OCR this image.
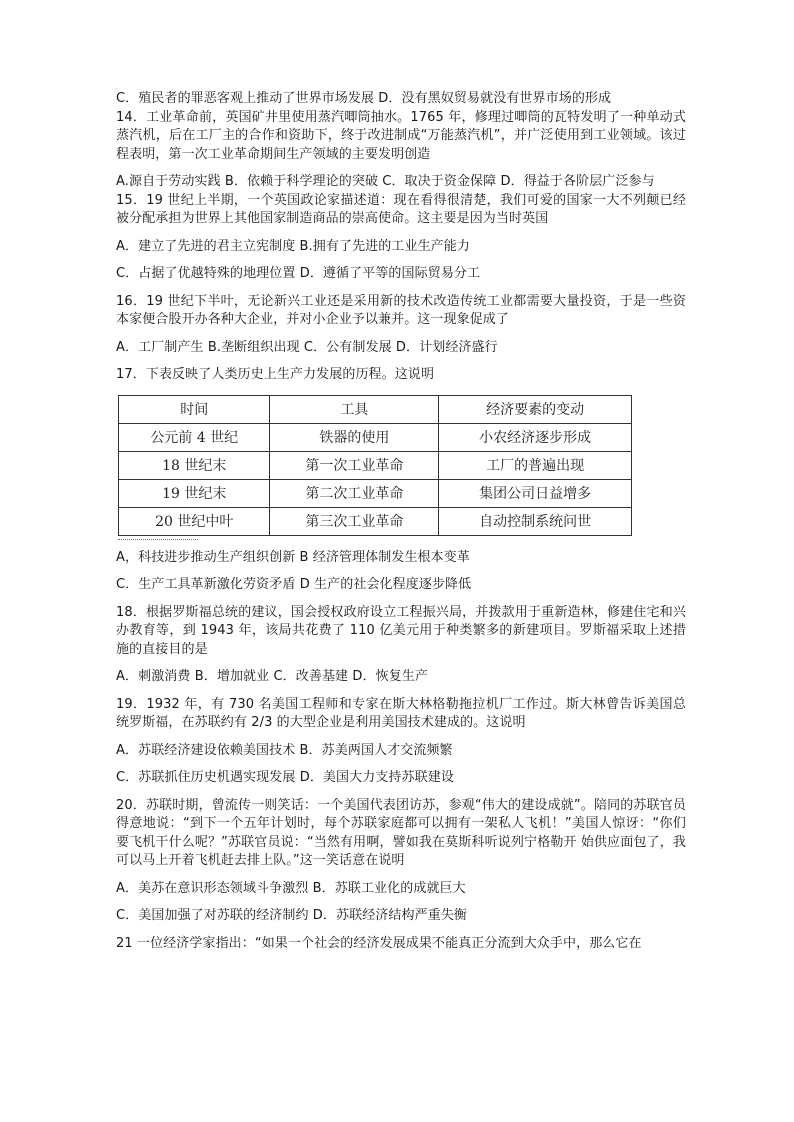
C．殖民者的罪恶客观上推动了世界市场发展 D．没有黑奴贸易就没有世界市场的形成

14．工业革命前，英国矿井里使用蒸汽唧筒抽水。1765 年，修理过唧筒的瓦特发明了一种单动式蒸汽机，后在工厂主的合作和资助下，终于改进制成“万能蒸汽机”，并广泛使用到工业领域。该过程表明，第一次工业革命期间生产领域的主要发明创造

A.源自于劳动实践 B．依赖于科学理论的突破 C．取决于资金保障 D．得益于各阶层广泛参与

15．19 世纪上半期，一个英国政论家描述道：现在看得很清楚，我们可爱的国家一大不列颠已经被分配承担为世界上其他国家制造商品的崇高使命。这主要是因为当时英国

A．建立了先进的君主立宪制度 B.拥有了先进的工业生产能力

C．占据了优越特殊的地理位置 D．遵循了平等的国际贸易分工

16．19 世纪下半叶，无论新兴工业还是采用新的技术改造传统工业都需要大量投资，于是一些资本家便合股开办各种大企业，并对小企业予以兼并。这一现象促成了

A．工厂制产生 B.垄断组织出现 C．公有制发展 D．计划经济盛行

17．下表反映了人类历史上生产力发展的历程。这说明

时间	工具	经济要素的变动
公元前 4 世纪	铁器的使用	小农经济逐步形成
18 世纪末	第一次工业革命	工厂的普遍出现
19 世纪末	第二次工业革命	集团公司日益增多
20 世纪中叶	第三次工业革命	自动控制系统问世

A，科技进步推动生产组织创新 B 经济管理体制发生根本变革

C．生产工具革新激化劳资矛盾 D 生产的社会化程度逐步降低

18．根据罗斯福总统的建议，国会授权政府设立工程振兴局，并拨款用于重新造林，修建住宅和兴办教育等，到 1943 年，该局共花费了 110 亿美元用于种类繁多的新建项目。罗斯福采取上述措施的直接目的是

A．刺激消费 B．增加就业 C．改善基建 D．恢复生产

19．1932 年，有 730 名美国工程师和专家在斯大林格勒拖拉机厂工作过。斯大林曾告诉美国总统罗斯福，在苏联约有 2/3 的大型企业是利用美国技术建成的。这说明

A．苏联经济建设依赖美国技术 B．苏美两国人才交流频繁

C．苏联抓住历史机遇实现发展 D．美国大力支持苏联建设

20．苏联时期，曾流传一则笑话：一个美国代表团访苏，参观“伟大的建设成就”。陪同的苏联官员得意地说：“到下一个五年计划时，每个苏联家庭都可以拥有一架私人飞机！”美国人惊讶：“你们要飞机干什么呢？”苏联官员说：“当然有用啊，譬如我在莫斯科听说列宁格勒开 始供应面包了，我可以马上开着飞机赶去排上队。”这一笑话意在说明

A．美苏在意识形态领域斗争激烈 B．苏联工业化的成就巨大

C．美国加强了对苏联的经济制约 D．苏联经济结构严重失衡

21 一位经济学家指出：“如果一个社会的经济发展成果不能真正分流到大众手中，那么它在
